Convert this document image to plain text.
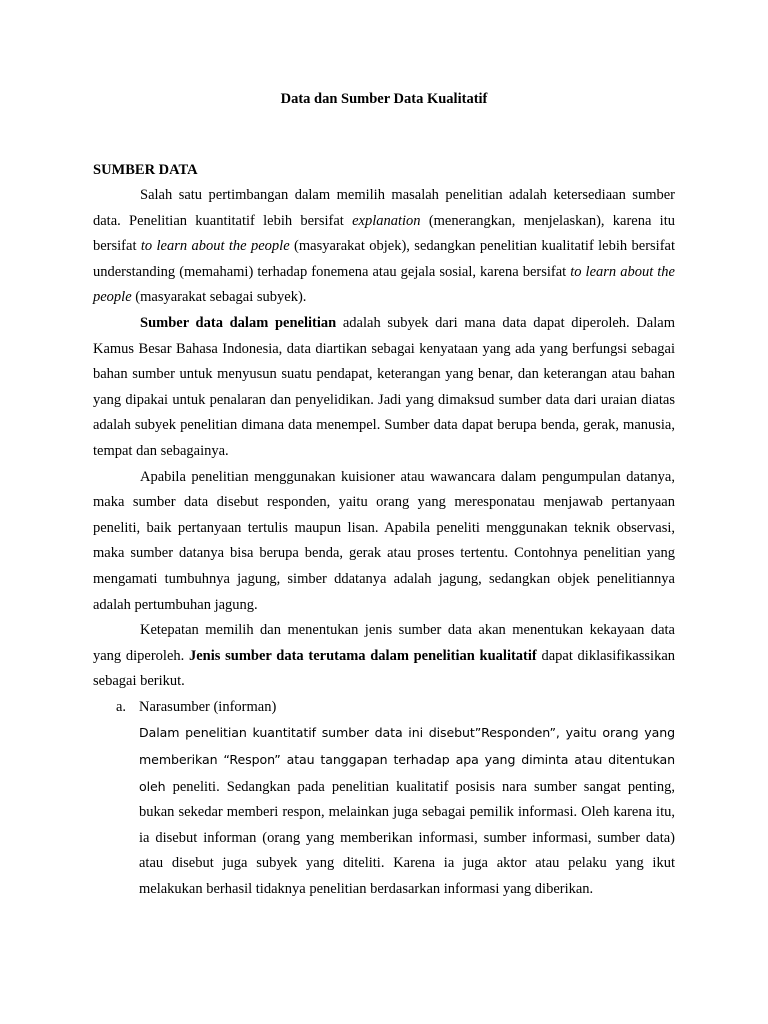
Data dan Sumber Data Kualitatif
SUMBER DATA

Salah satu pertimbangan dalam memilih masalah penelitian adalah ketersediaan sumber data. Penelitian kuantitatif lebih bersifat explanation (menerangkan, menjelaskan), karena itu bersifat to learn about the people (masyarakat objek), sedangkan penelitian kualitatif lebih bersifat understanding (memahami) terhadap fonemena atau gejala sosial, karena bersifat to learn about the people (masyarakat sebagai subyek).

Sumber data dalam penelitian adalah subyek dari mana data dapat diperoleh. Dalam Kamus Besar Bahasa Indonesia, data diartikan sebagai kenyataan yang ada yang berfungsi sebagai bahan sumber untuk menyusun suatu pendapat, keterangan yang benar, dan keterangan atau bahan yang dipakai untuk penalaran dan penyelidikan. Jadi yang dimaksud sumber data dari uraian diatas adalah subyek penelitian dimana data menempel. Sumber data dapat berupa benda, gerak, manusia, tempat dan sebagainya.

Apabila penelitian menggunakan kuisioner atau wawancara dalam pengumpulan datanya, maka sumber data disebut responden, yaitu orang yang meresponatau menjawab pertanyaan peneliti, baik pertanyaan tertulis maupun lisan. Apabila peneliti menggunakan teknik observasi, maka sumber datanya bisa berupa benda, gerak atau proses tertentu. Contohnya penelitian yang mengamati tumbuhnya jagung, simber ddatanya adalah jagung, sedangkan objek penelitiannya adalah pertumbuhan jagung.

Ketepatan memilih dan menentukan jenis sumber data akan menentukan kekayaan data yang diperoleh. Jenis sumber data terutama dalam penelitian kualitatif dapat diklasifikassikan sebagai berikut.

a. Narasumber (informan)

Dalam penelitian kuantitatif sumber data ini disebut”Responden”, yaitu orang yang memberikan “Respon” atau tanggapan terhadap apa yang diminta atau ditentukan oleh peneliti. Sedangkan pada penelitian kualitatif posisis nara sumber sangat penting, bukan sekedar memberi respon, melainkan juga sebagai pemilik informasi. Oleh karena itu, ia disebut informan (orang yang memberikan informasi, sumber informasi, sumber data) atau disebut juga subyek yang diteliti. Karena ia juga aktor atau pelaku yang ikut melakukan berhasil tidaknya penelitian berdasarkan informasi yang diberikan.
